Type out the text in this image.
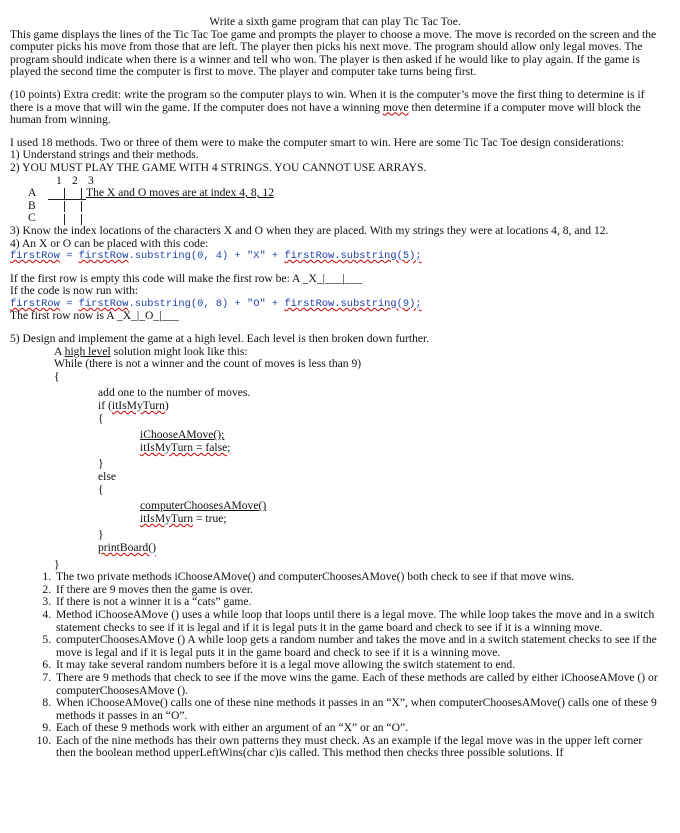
Write a sixth game program that can play Tic Tac Toe.

This game displays the lines of the Tic Tac Toe game and prompts the player to choose a move. The move is recorded on the screen and the computer picks his move from those that are left. The player then picks his next move. The program should allow only legal moves. The program should indicate when there is a winner and tell who won. The player is then asked if he would like to play again. If the game is played the second time the computer is first to move. The player and computer take turns being first.

(10 points) Extra credit: write the program so the computer plays to win. When it is the computer’s move the first thing to determine is if there is a move that will win the game. If the computer does not have a winning move then determine if a computer move will block the human from winning.

I used 18 methods. Two or three of them were to make the computer smart to win. Here are some Tic Tac Toe design considerations:

1) Understand strings and their methods.

2) YOU MUST PLAY THE GAME WITH 4 STRINGS. YOU CANNOT USE ARRAYS.

1 2 3
A	The X and O moves are at index 4, 8, 12
B
C

3) Know the index locations of the characters X and O when they are placed. With my strings they were at locations 4, 8, and 12.

4) An X or O can be placed with this code:

firstRow = firstRow.substring(0, 4) + "X" + firstRow.substring(5);

If the first row is empty this code will make the first row be: A _X_|___|___

If the code is now run with:

firstRow = firstRow.substring(0, 8) + "O" + firstRow.substring(9);

The first row now is A _X_|_O_|___

5) Design and implement the game at a high level. Each level is then broken down further.

A high level solution might look like this:

While (there is not a winner and the count of moves is less than 9)

{

add one to the number of moves.

if (itIsMyTurn)

{

iChooseAMove();

itIsMyTurn = false;

}

else

{

computerChoosesAMove()

itIsMyTurn = true;

}

printBoard()

}

1. The two private methods iChooseAMove() and computerChoosesAMove() both check to see if that move wins.
2. If there are 9 moves then the game is over.
3. If there is not a winner it is a “cats” game.
4. Method iChooseAMove () uses a while loop that loops until there is a legal move. The while loop takes the move and in a switch statement checks to see if it is legal and if it is legal puts it in the game board and check to see if it is a winning move.
5. computerChoosesAMove () A while loop gets a random number and takes the move and in a switch statement checks to see if the move is legal and if it is legal puts it in the game board and check to see if it is a winning move.
6. It may take several random numbers before it is a legal move allowing the switch statement to end.
7. There are 9 methods that check to see if the move wins the game. Each of these methods are called by either iChooseAMove () or computerChoosesAMove ().
8. When iChooseAMove() calls one of these nine methods it passes in an “X”, when computerChoosesAMove() calls one of these 9 methods it passes in an “O”.
9. Each of these 9 methods work with either an argument of an “X” or an “O”.
10. Each of the nine methods has their own patterns they must check. As an example if the legal move was in the upper left corner then the boolean method upperLeftWins(char c)is called. This method then checks three possible solutions. If
